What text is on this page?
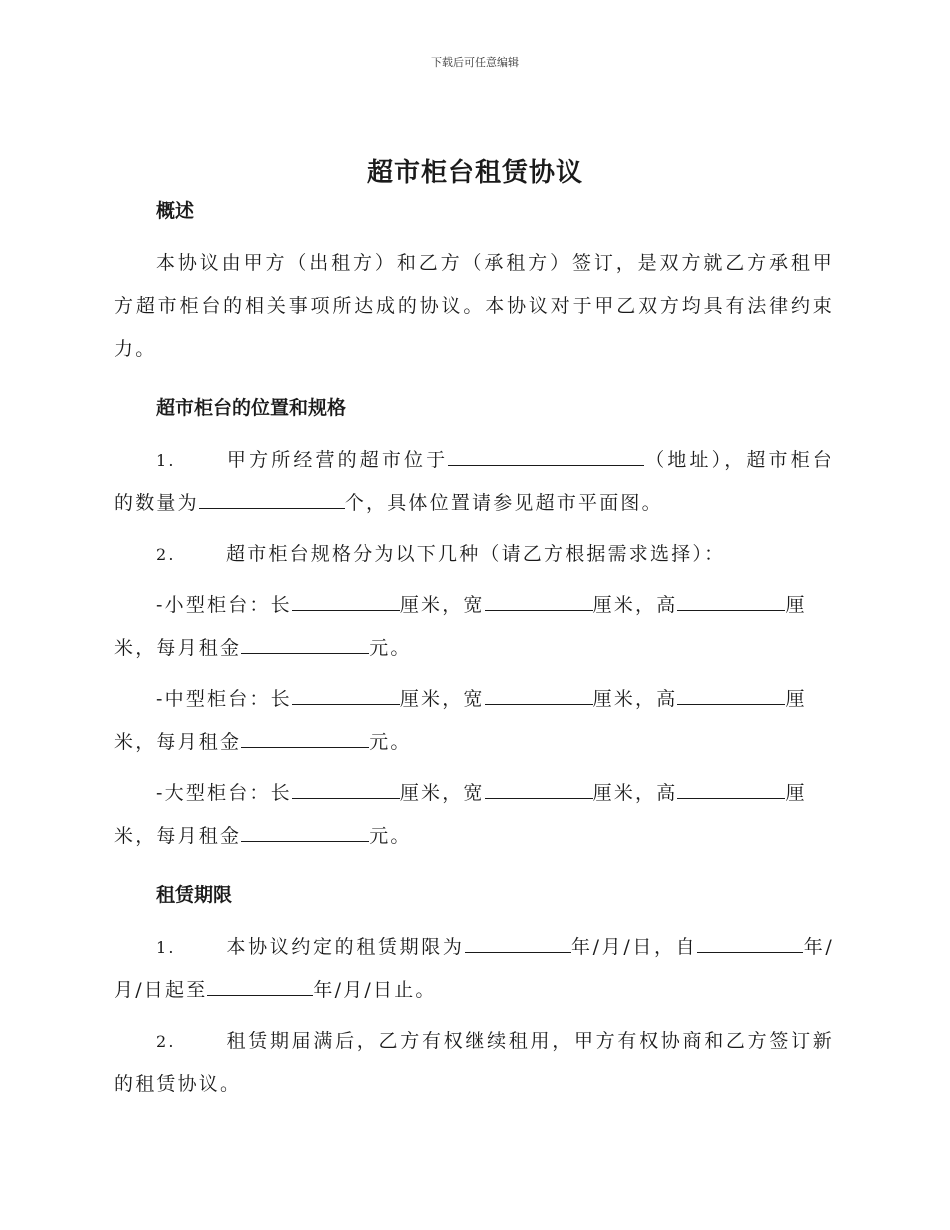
下载后可任意编辑
超市柜台租赁协议
概述

本协议由甲方（出租方）和乙方（承租方）签订，是双方就乙方承租甲方超市柜台的相关事项所达成的协议。本协议对于甲乙双方均具有法律约束力。

超市柜台的位置和规格

1.	甲方所经营的超市位于	（地址），超市柜台的数量为	个，具体位置请参见超市平面图。

2.	超市柜台规格分为以下几种（请乙方根据需求选择）：

-小型柜台：长	厘米，宽	厘米，高	厘
米，每月租金	元。

-中型柜台：长	厘米，宽	厘米，高	厘
米，每月租金	元。

-大型柜台：长	厘米，宽	厘米，高	厘
米，每月租金	元。

租赁期限

1.	本协议约定的租赁期限为	年/月/日，自	年/月/日起至	年/月/日止。

2.	租赁期届满后，乙方有权继续租用，甲方有权协商和乙方签订新的租赁协议。
